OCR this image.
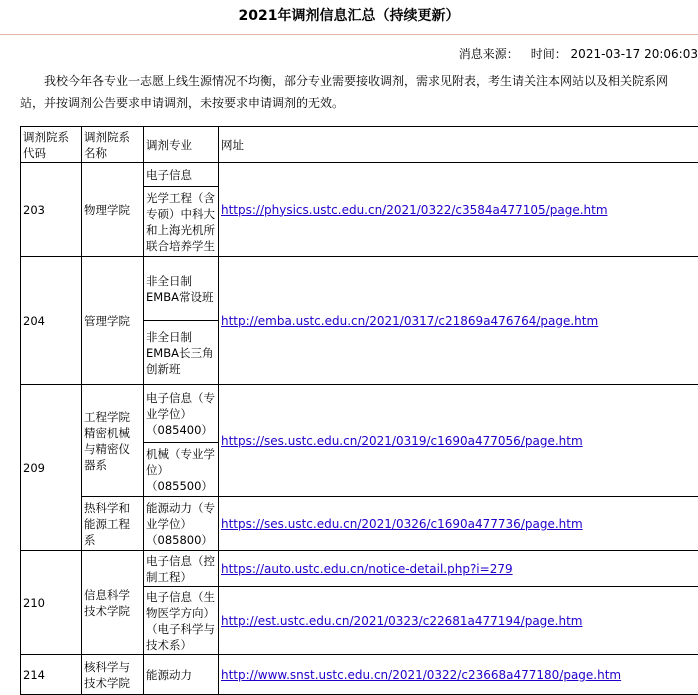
2021年调剂信息汇总（持续更新）
消息来源： 时间： 2021-03-17 20:06:03

我校今年各专业一志愿上线生源情况不均衡，部分专业需要接收调剂，需求见附表，考生请关注本网站以及相关院系网站，并按调剂公告要求申请调剂，未按要求申请调剂的无效。

调剂院系代码	调剂院系名称	调剂专业	网址
203	物理学院	电子信息	https://physics.ustc.edu.cn/2021/0322/c3584a477105/page.htm
		光学工程（含专硕）中科大和上海光机所联合培养学生	
204	管理学院	非全日制EMBA常设班	http://emba.ustc.edu.cn/2021/0317/c21869a476764/page.htm
		非全日制EMBA长三角创新班	
209	工程学院精密机械与精密仪器系	电子信息（专业学位）（085400）	https://ses.ustc.edu.cn/2021/0319/c1690a477056/page.htm
		机械（专业学位）（085500）	
	热科学和能源工程系	能源动力（专业学位）（085800）	https://ses.ustc.edu.cn/2021/0326/c1690a477736/page.htm
210	信息科学技术学院	电子信息（控制工程）	https://auto.ustc.edu.cn/notice-detail.php?i=279
		电子信息（生物医学方向）（电子科学与技术系）	http://est.ustc.edu.cn/2021/0323/c22681a477194/page.htm
214	核科学与技术学院	能源动力	http://www.snst.ustc.edu.cn/2021/0322/c23668a477180/page.htm
